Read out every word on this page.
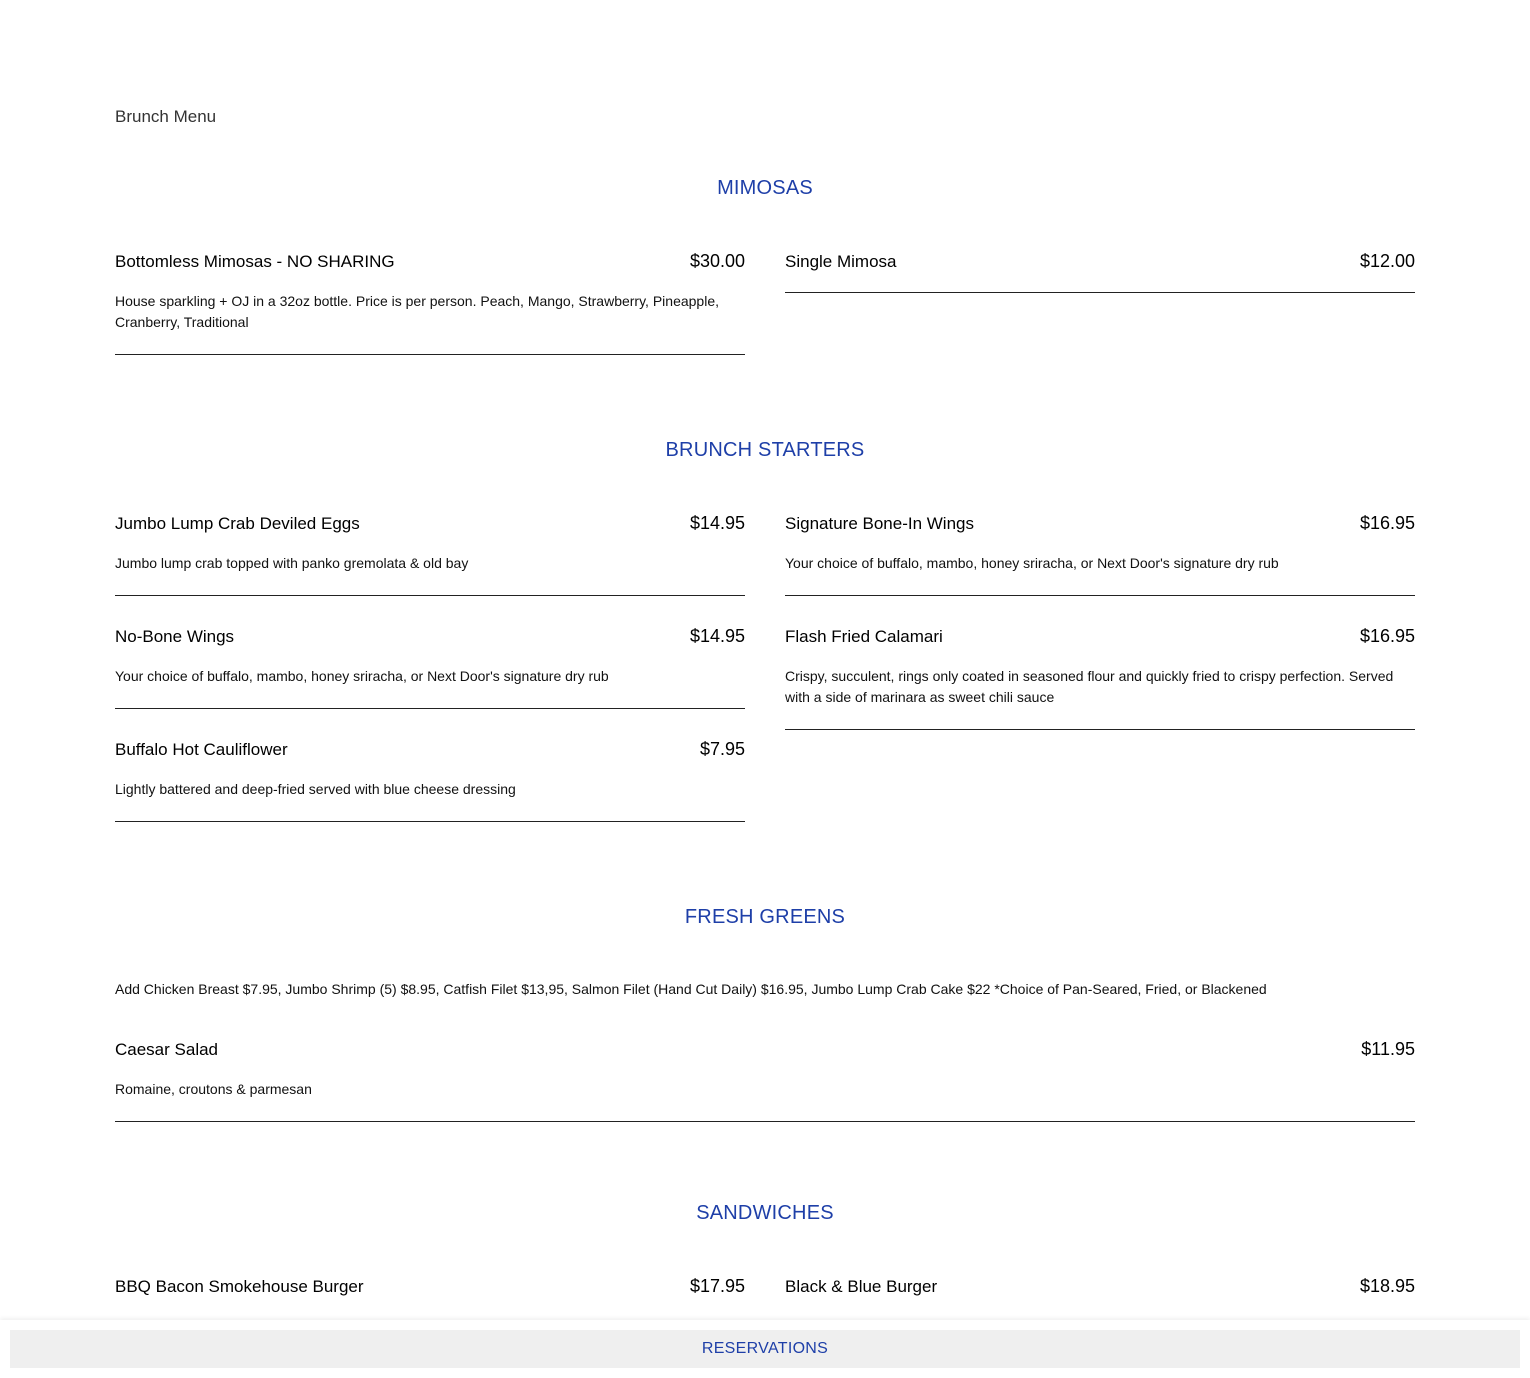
Brunch Menu
MIMOSAS
Bottomless Mimosas - NO SHARING	$30.00
House sparkling + OJ in a 32oz bottle. Price is per person. Peach, Mango, Strawberry, Pineapple, Cranberry, Traditional
Single Mimosa	$12.00
BRUNCH STARTERS
Jumbo Lump Crab Deviled Eggs	$14.95
Jumbo lump crab topped with panko gremolata & old bay
Signature Bone-In Wings	$16.95
Your choice of buffalo, mambo, honey sriracha, or Next Door's signature dry rub
No-Bone Wings	$14.95
Your choice of buffalo, mambo, honey sriracha, or Next Door's signature dry rub
Flash Fried Calamari	$16.95
Crispy, succulent, rings only coated in seasoned flour and quickly fried to crispy perfection. Served with a side of marinara as sweet chili sauce
Buffalo Hot Cauliflower	$7.95
Lightly battered and deep-fried served with blue cheese dressing
FRESH GREENS
Add Chicken Breast $7.95, Jumbo Shrimp (5) $8.95, Catfish Filet $13,95, Salmon Filet (Hand Cut Daily) $16.95, Jumbo Lump Crab Cake $22 *Choice of Pan-Seared, Fried, or Blackened
Caesar Salad	$11.95
Romaine, croutons & parmesan
SANDWICHES
BBQ Bacon Smokehouse Burger	$17.95 Black & Blue Burger	$18.95
RESERVATIONS
